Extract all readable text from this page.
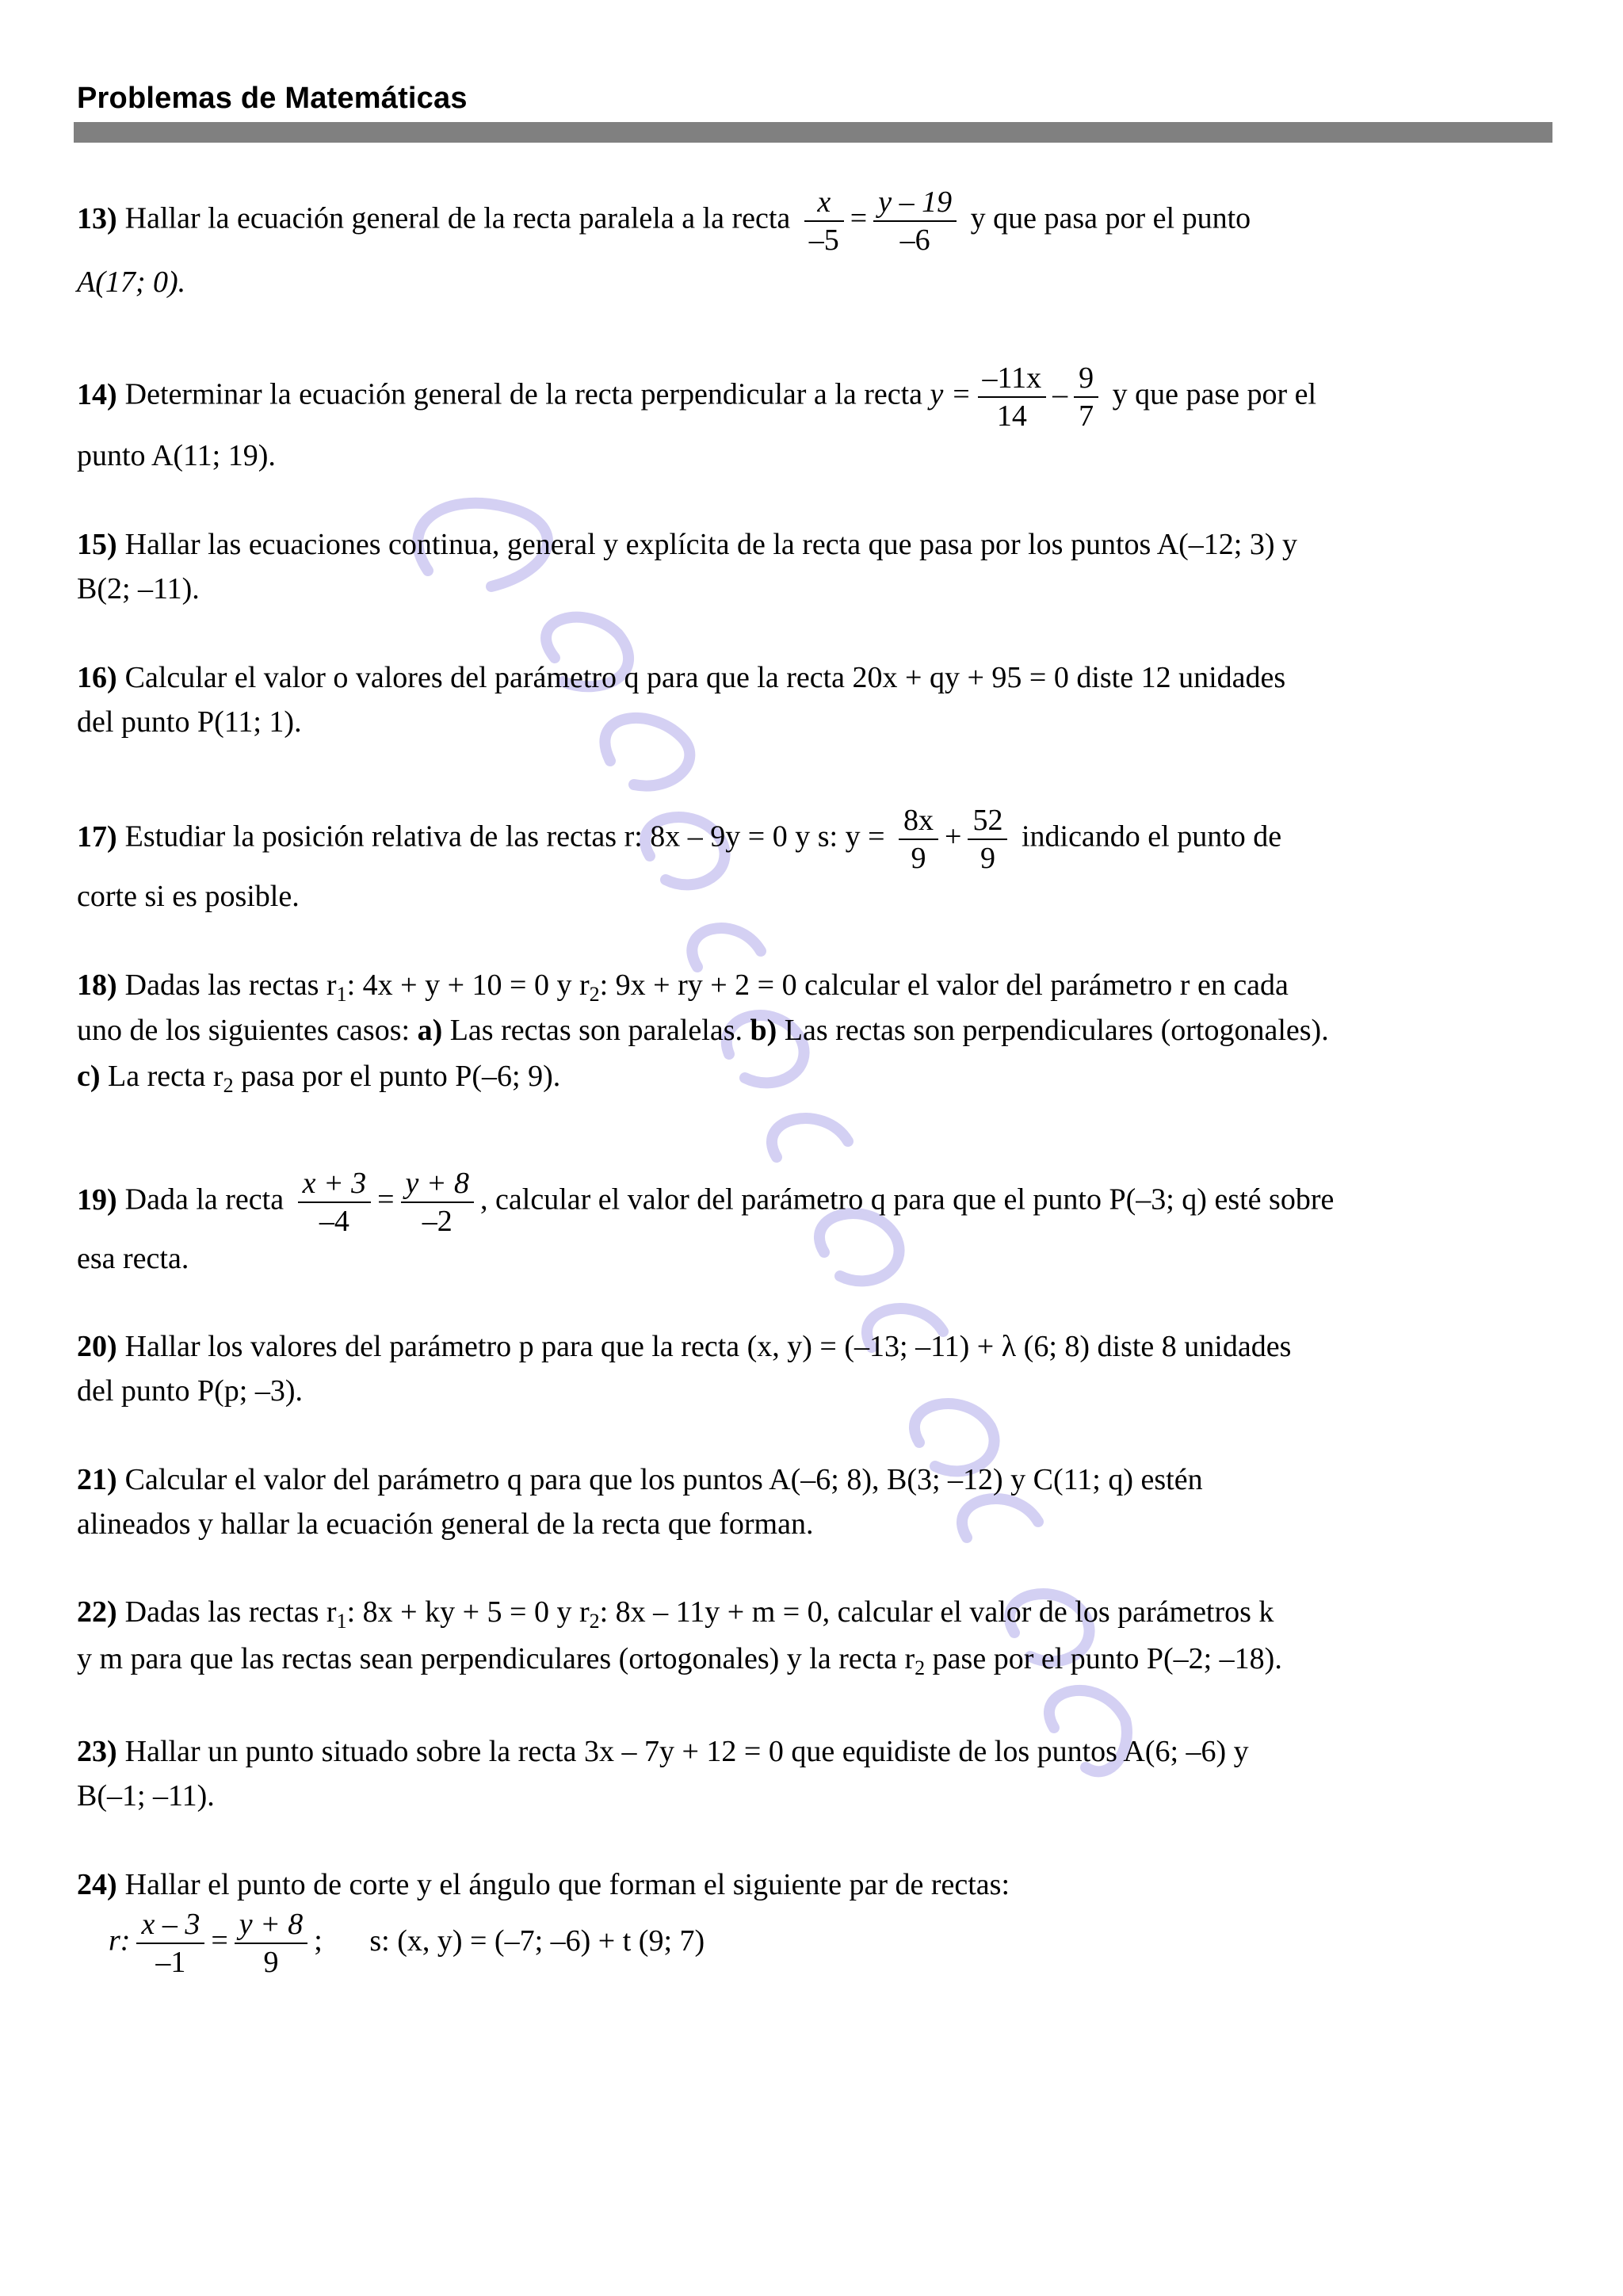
Problemas de Matemáticas
13) Hallar la ecuación general de la recta paralela a la recta $\frac{x}{-5} = \frac{y - 19}{-6}$ y que pasa por el punto
A(17; 0).
14) Determinar la ecuación general de la recta perpendicular a la recta $y = \frac{-11x}{14} - \frac{9}{7}$ y que pase por el
punto A(11; 19).
15) Hallar las ecuaciones continua, general y explícita de la recta que pasa por los puntos A(–12; 3) y
B(2; –11).
16) Calcular el valor o valores del parámetro q para que la recta 20x + qy + 95 = 0 diste 12 unidades
del punto P(11; 1).
17) Estudiar la posición relativa de las rectas r: 8x – 9y = 0 y s: $y = \frac{8x}{9} + \frac{52}{9}$ indicando el punto de
corte si es posible.
18) Dadas las rectas $r_1$: 4x + y + 10 = 0 y $r_2$: 9x + ry + 2 = 0 calcular el valor del parámetro r en cada
uno de los siguientes casos: a) Las rectas son paralelas. b) Las rectas son perpendiculares (ortogonales).
c) La recta $r_2$ pasa por el punto P(–6; 9).
19) Dada la recta $\frac{x + 3}{-4} = \frac{y + 8}{-2}$ , calcular el valor del parámetro q para que el punto P(–3; q) esté sobre
esa recta.
20) Hallar los valores del parámetro p para que la recta (x, y) = (–13; –11) + λ (6; 8) diste 8 unidades
del punto P(p; –3).
21) Calcular el valor del parámetro q para que los puntos A(–6; 8), B(3; –12) y C(11; q) estén
alineados y hallar la ecuación general de la recta que forman.
22) Dadas las rectas $r_1$: 8x + ky + 5 = 0 y $r_2$: 8x – 11y + m = 0, calcular el valor de los parámetros k
y m para que las rectas sean perpendiculares (ortogonales) y la recta $r_2$ pase por el punto P(–2; –18).
23) Hallar un punto situado sobre la recta 3x – 7y + 12 = 0 que equidiste de los puntos A(6; –6) y
B(–1; –11).
24) Hallar el punto de corte y el ángulo que forman el siguiente par de rectas:
r: $\frac{x - 3}{-1} = \frac{y + 8}{9}$ ; s: (x, y) = (–7; –6) + t (9; 7)
